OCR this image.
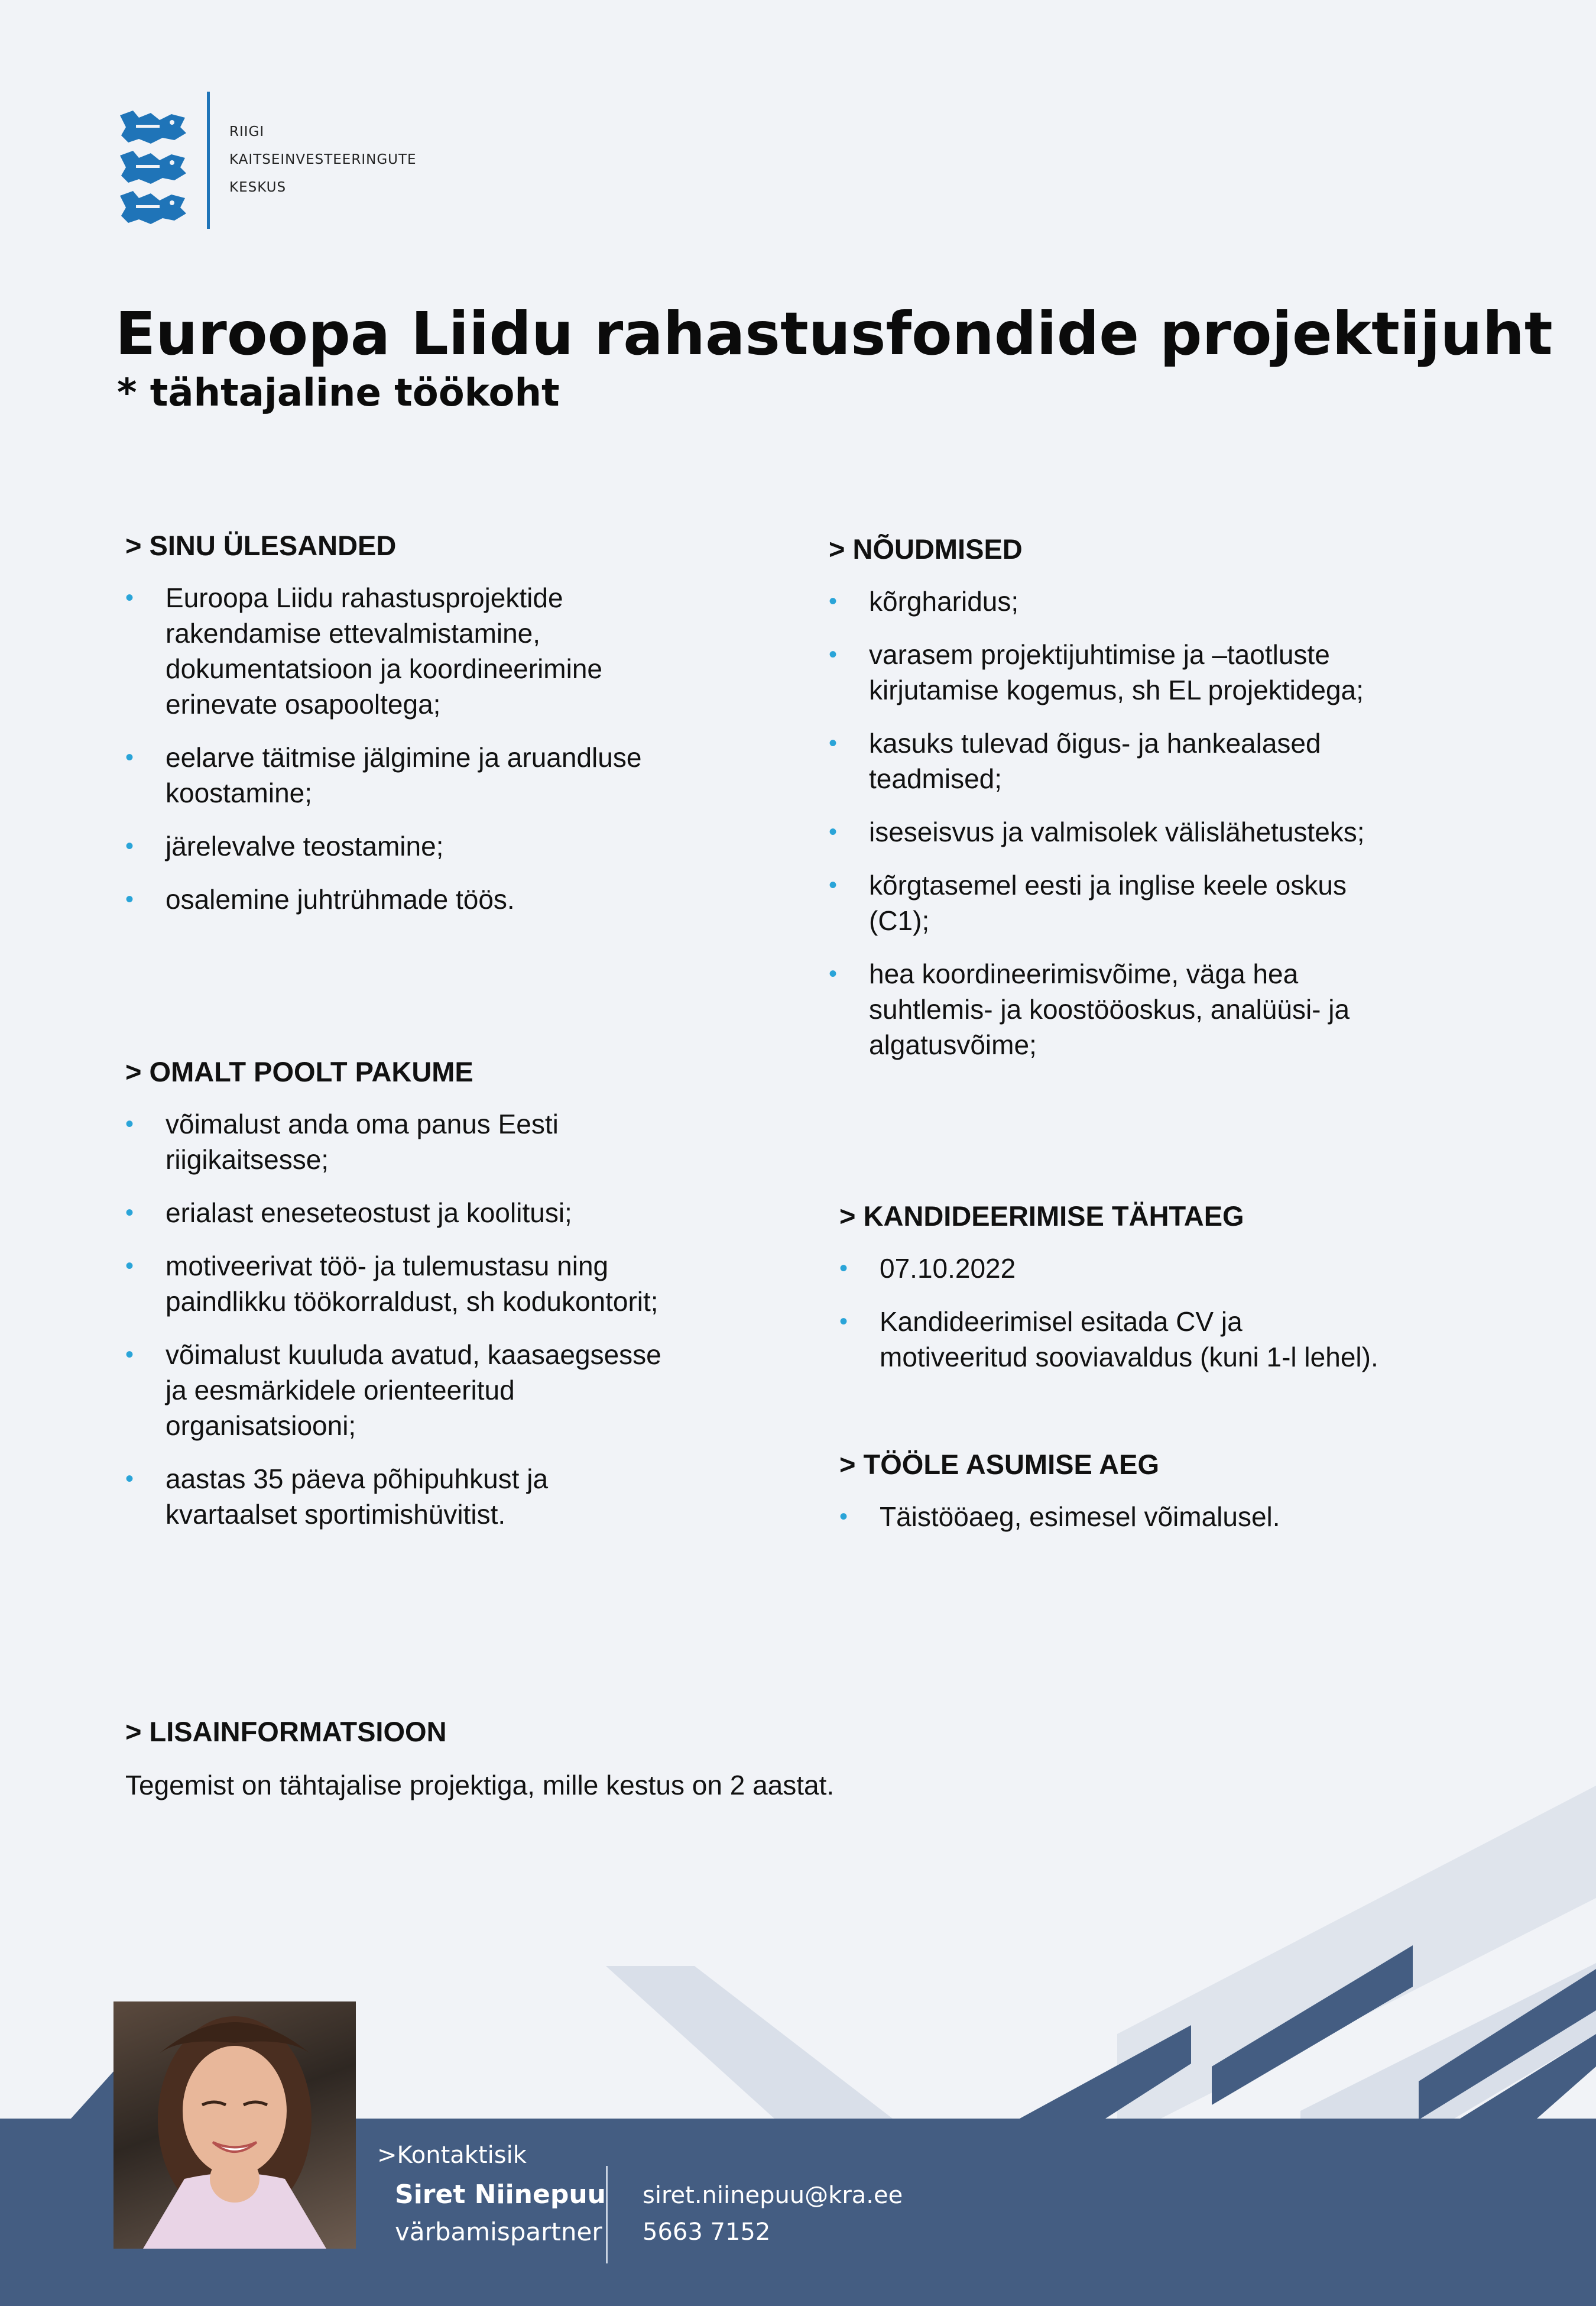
riigi
kaitseinvesteeringute
keskus
Euroopa Liidu rahastusfondide projektijuht
* tähtajaline töökoht
> SINU ÜLESANDED
• Euroopa Liidu rahastusprojektide
rakendamise ettevalmistamine,
dokumentatsioon ja koordineerimine
erinevate osapooltega;
• eelarve täitmise jälgimine ja aruandluse
koostamine;
• järelevalve teostamine;
• osalemine juhtrühmade töös.
> NÕUDMISED
• kõrgharidus;
• varasem projektijuhtimise ja –taotluste
kirjutamise kogemus, sh EL projektidega;
• kasuks tulevad õigus- ja hankealased
teadmised;
• iseseisvus ja valmisolek välislähetusteks;
• kõrgtasemel eesti ja inglise keele oskus
(C1);
• hea koordineerimisvõime, väga hea
suhtlemis- ja koostööoskus, analüüsi- ja
algatusvõime;
> OMALT POOLT PAKUME
• võimalust anda oma panus Eesti
riigikaitsesse;
• erialast eneseteostust ja koolitusi;
• motiveerivat töö- ja tulemustasu ning
paindlikku töökorraldust, sh kodukontorit;
• võimalust kuuluda avatud, kaasaegsesse
ja eesmärkidele orienteeritud
organisatsiooni;
• aastas 35 päeva põhipuhkust ja
kvartaalset sportimishüvitist.
> KANDIDEERIMISE TÄHTAEG
• 07.10.2022
• Kandideerimisel esitada CV ja
motiveeritud sooviavaldus (kuni 1-l lehel).
> TÖÖLE ASUMISE AEG
• Täistööaeg, esimesel võimalusel.
> LISAINFORMATSIOON

Tegemist on tähtajalise projektiga, mille kestus on 2 aastat.

>Kontaktisik
Siret Niinepuu
värbamispartner
siret.niinepuu@kra.ee
5663 7152
